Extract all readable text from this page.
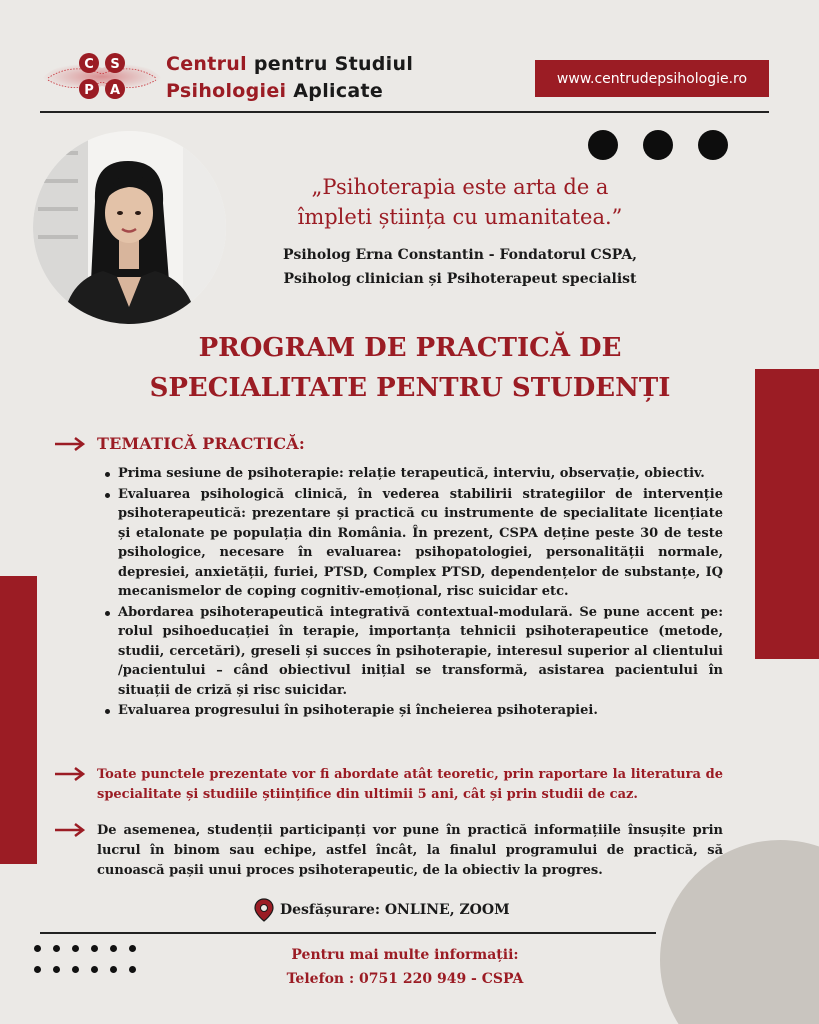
C S
P A
Centrul pentru Studiul
Psihologiei Aplicate
www.centrudepsihologie.ro
„Psihoterapia este arta de a
împleti știința cu umanitatea.”
Psiholog Erna Constantin - Fondatorul CSPA,
Psiholog clinician și Psihoterapeut specialist
PROGRAM DE PRACTICĂ DE
SPECIALITATE PENTRU STUDENȚI
TEMATICĂ PRACTICĂ:
Prima sesiune de psihoterapie: relație terapeutică, interviu, observație, obiectiv.
Evaluarea psihologică clinică, în vederea stabilirii strategiilor de intervenție psihoterapeutică: prezentare și practică cu instrumente de specialitate licențiate și etalonate pe populația din România. În prezent, CSPA deține peste 30 de teste psihologice, necesare în evaluarea: psihopatologiei, personalității normale, depresiei, anxietății, furiei, PTSD, Complex PTSD, dependențelor de substanțe, IQ mecanismelor de coping cognitiv-emoțional, risc suicidar etc.
Abordarea psihoterapeutică integrativă contextual-modulară. Se pune accent pe: rolul psihoeducației în terapie, importanța tehnicii psihoterapeutice (metode, studii, cercetări), greseli și succes în psihoterapie, interesul superior al clientului /pacientului – când obiectivul inițial se transformă, asistarea pacientului în situații de criză și risc suicidar.
Evaluarea progresului în psihoterapie și încheierea psihoterapiei.
Toate punctele prezentate vor fi abordate atât teoretic, prin raportare la literatura de specialitate și studiile științifice din ultimii 5 ani, cât și prin studii de caz.
De asemenea, studenții participanți vor pune în practică informațiile însușite prin lucrul în binom sau echipe, astfel încât, la finalul programului de practică, să cunoască pașii unui proces psihoterapeutic, de la obiectiv la progres.
Desfășurare: ONLINE, ZOOM
Pentru mai multe informații:
Telefon : 0751 220 949 - CSPA
